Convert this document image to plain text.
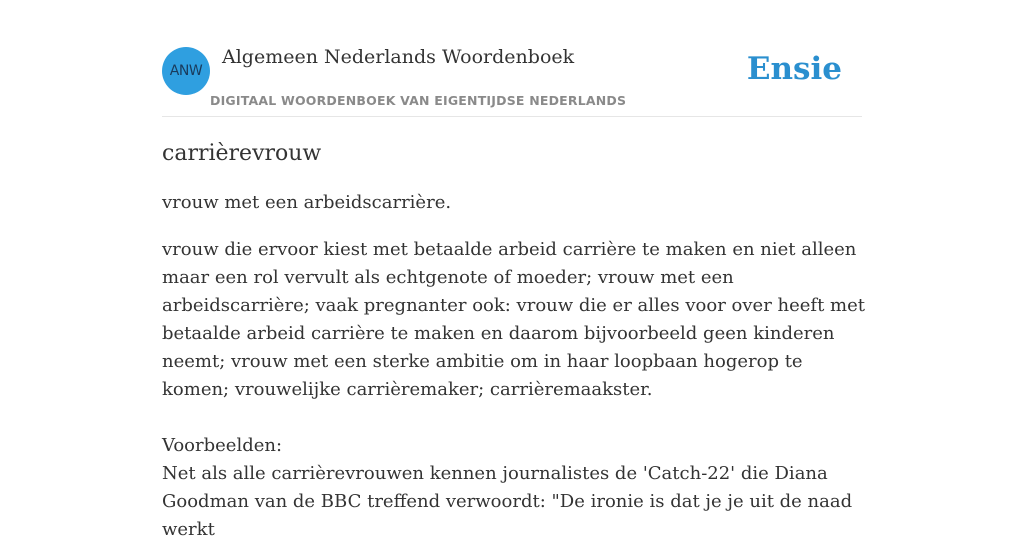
ANW
Algemeen Nederlands Woordenboek
DIGITAAL WOORDENBOEK VAN EIGENTIJDSE NEDERLANDS
Ensie
carrièrevrouw

vrouw met een arbeidscarrière.

vrouw die ervoor kiest met betaalde arbeid carrière te maken en niet alleen maar een rol vervult als echtgenote of moeder; vrouw met een arbeidscarrière; vaak pregnanter ook: vrouw die er alles voor over heeft met betaalde arbeid carrière te maken en daarom bijvoorbeeld geen kinderen neemt; vrouw met een sterke ambitie om in haar loopbaan hogerop te komen; vrouwelijke carrièremaker; carrièremaakster.

Voorbeelden:
Net als alle carrièrevrouwen kennen journalistes de 'Catch-22' die Diana Goodman van de BBC treffend verwoordt: "De ironie is dat je je uit de naad werkt
